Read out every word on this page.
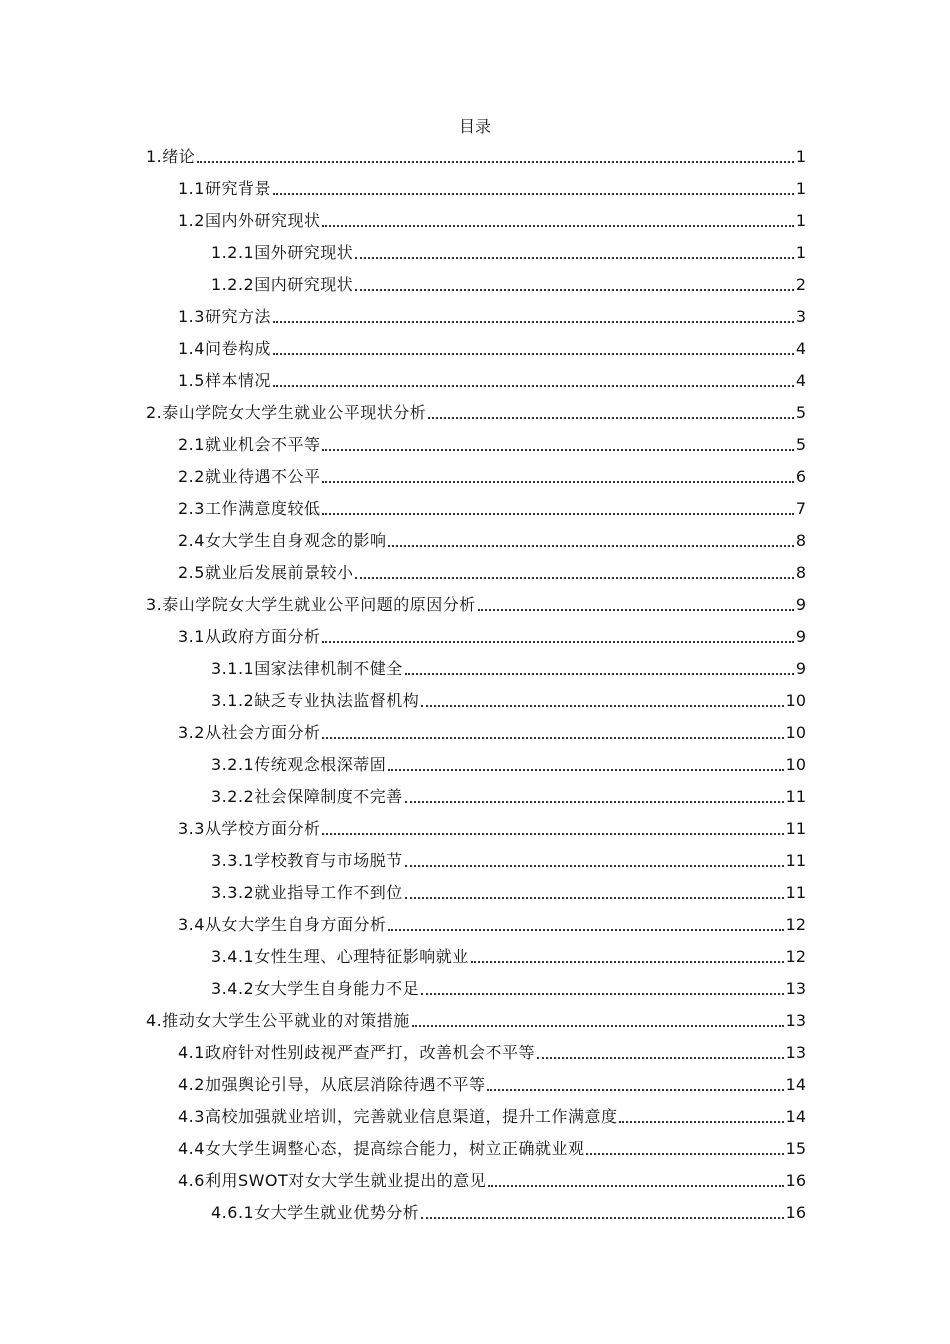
目录
1.绪论	1
1.1研究背景	1
1.2国内外研究现状	1
1.2.1国外研究现状	1
1.2.2国内研究现状	2
1.3研究方法	3
1.4问卷构成	4
1.5样本情况	4
2.泰山学院女大学生就业公平现状分析	5
2.1就业机会不平等	5
2.2就业待遇不公平	6
2.3工作满意度较低	7
2.4女大学生自身观念的影响	8
2.5就业后发展前景较小	8
3.泰山学院女大学生就业公平问题的原因分析	9
3.1从政府方面分析	9
3.1.1国家法律机制不健全	9
3.1.2缺乏专业执法监督机构	10
3.2从社会方面分析	10
3.2.1传统观念根深蒂固	10
3.2.2社会保障制度不完善	11
3.3从学校方面分析	11
3.3.1学校教育与市场脱节	11
3.3.2就业指导工作不到位	11
3.4从女大学生自身方面分析	12
3.4.1女性生理、心理特征影响就业	12
3.4.2女大学生自身能力不足	13
4.推动女大学生公平就业的对策措施	13
4.1政府针对性别歧视严查严打，改善机会不平等	13
4.2加强舆论引导，从底层消除待遇不平等	14
4.3高校加强就业培训，完善就业信息渠道，提升工作满意度	14
4.4女大学生调整心态，提高综合能力，树立正确就业观	15
4.6利用SWOT对女大学生就业提出的意见	16
4.6.1女大学生就业优势分析	16
